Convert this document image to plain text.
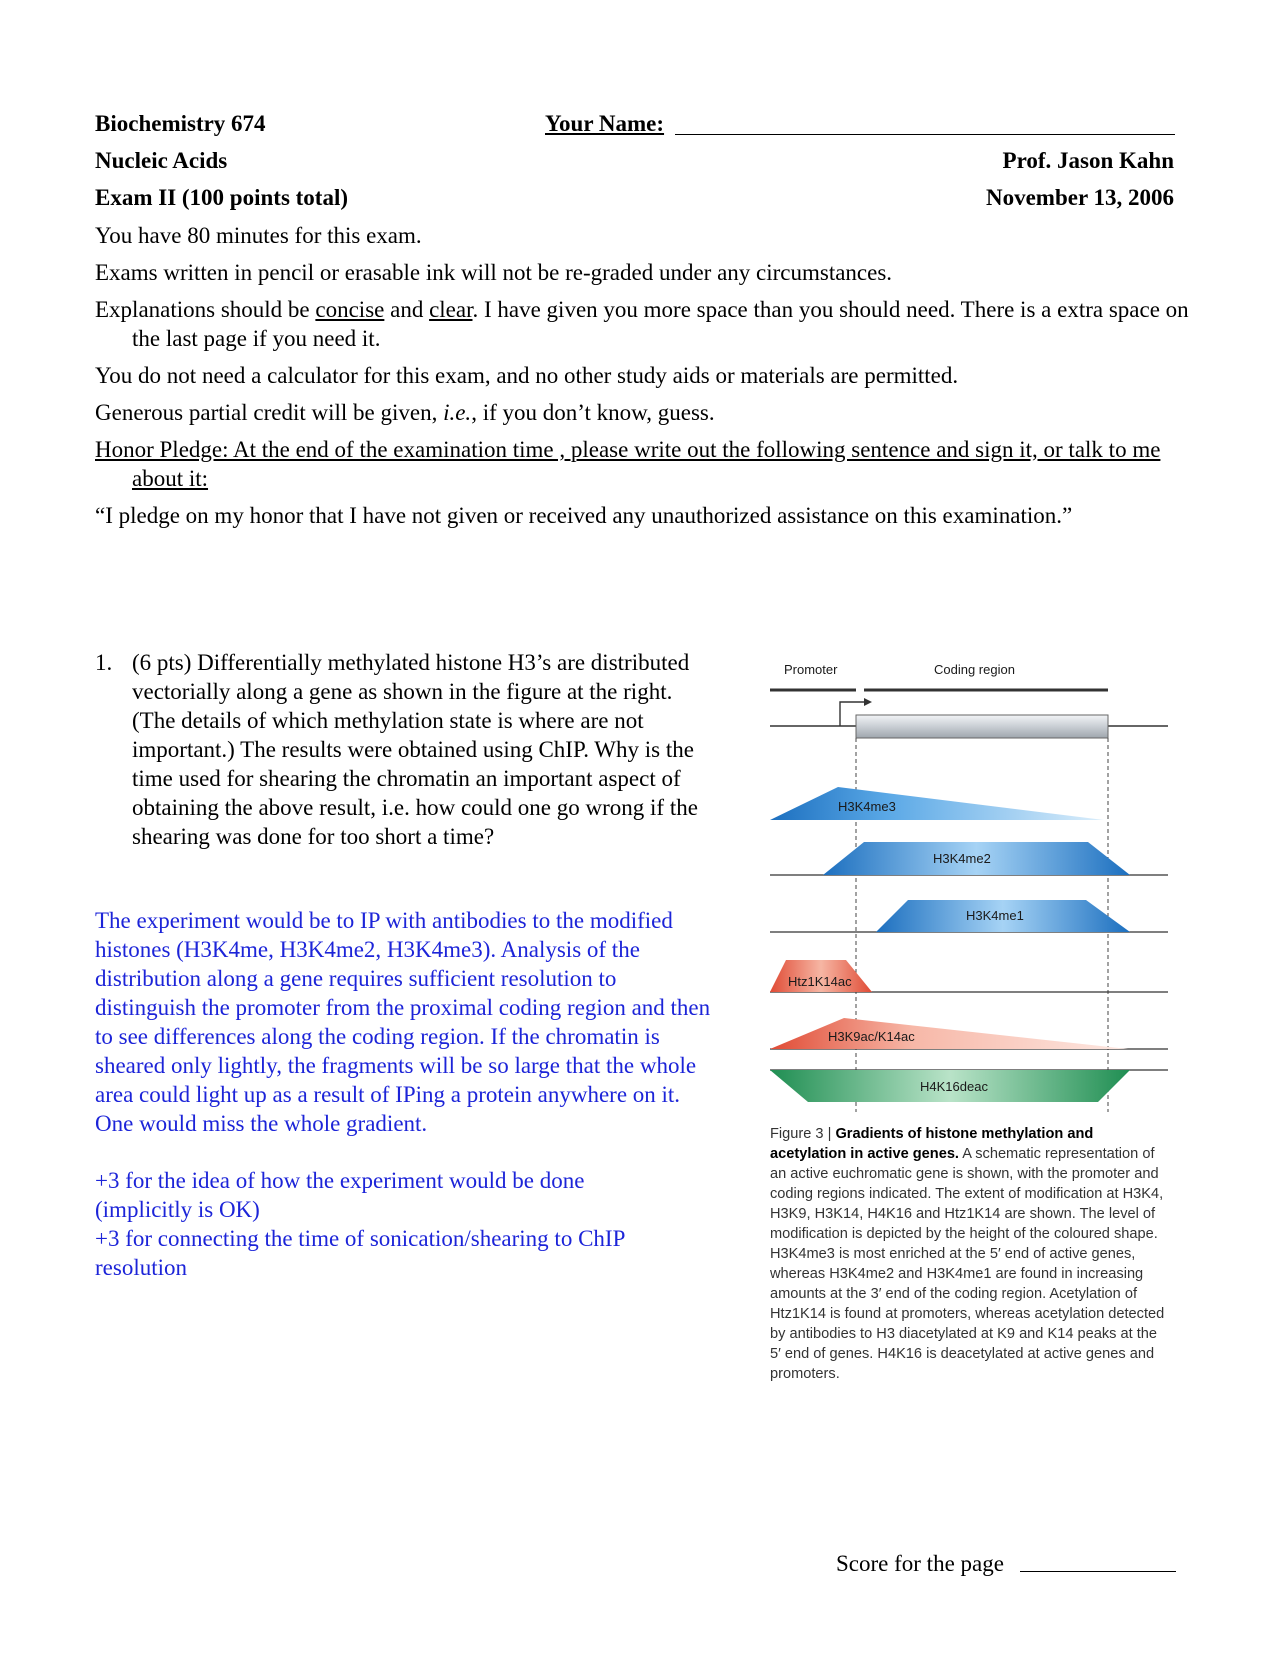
Biochemistry 674	Your Name:
Nucleic Acids	Prof. Jason Kahn
Exam II (100 points total)	November 13, 2006
You have 80 minutes for this exam.
Exams written in pencil or erasable ink will not be re-graded under any circumstances.
Explanations should be concise and clear. I have given you more space than you should need. There is a extra space on the last page if you need it.
You do not need a calculator for this exam, and no other study aids or materials are permitted.
Generous partial credit will be given, i.e., if you don’t know, guess.
Honor Pledge: At the end of the examination time , please write out the following sentence and sign it, or talk to me about it:
“I pledge on my honor that I have not given or received any unauthorized assistance on this examination.”
1. (6 pts) Differentially methylated histone H3’s are distributed vectorially along a gene as shown in the figure at the right. (The details of which methylation state is where are not important.) The results were obtained using ChIP. Why is the time used for shearing the chromatin an important aspect of obtaining the above result, i.e. how could one go wrong if the shearing was done for too short a time?
The experiment would be to IP with antibodies to the modified histones (H3K4me, H3K4me2, H3K4me3). Analysis of the distribution along a gene requires sufficient resolution to distinguish the promoter from the proximal coding region and then to see differences along the coding region. If the chromatin is sheared only lightly, the fragments will be so large that the whole area could light up as a result of IPing a protein anywhere on it. One would miss the whole gradient.
+3 for the idea of how the experiment would be done (implicitly is OK)
+3 for connecting the time of sonication/shearing to ChIP resolution
Promoter	Coding region
H3K4me3
H3K4me2
H3K4me1
Htz1K14ac
H3K9ac/K14ac
H4K16deac
Figure 3 | Gradients of histone methylation and acetylation in active genes. A schematic representation of an active euchromatic gene is shown, with the promoter and coding regions indicated. The extent of modification at H3K4, H3K9, H3K14, H4K16 and Htz1K14 are shown. The level of modification is depicted by the height of the coloured shape. H3K4me3 is most enriched at the 5′ end of active genes, whereas H3K4me2 and H3K4me1 are found in increasing amounts at the 3′ end of the coding region. Acetylation of Htz1K14 is found at promoters, whereas acetylation detected by antibodies to H3 diacetylated at K9 and K14 peaks at the 5′ end of genes. H4K16 is deacetylated at active genes and promoters.
Score for the page
